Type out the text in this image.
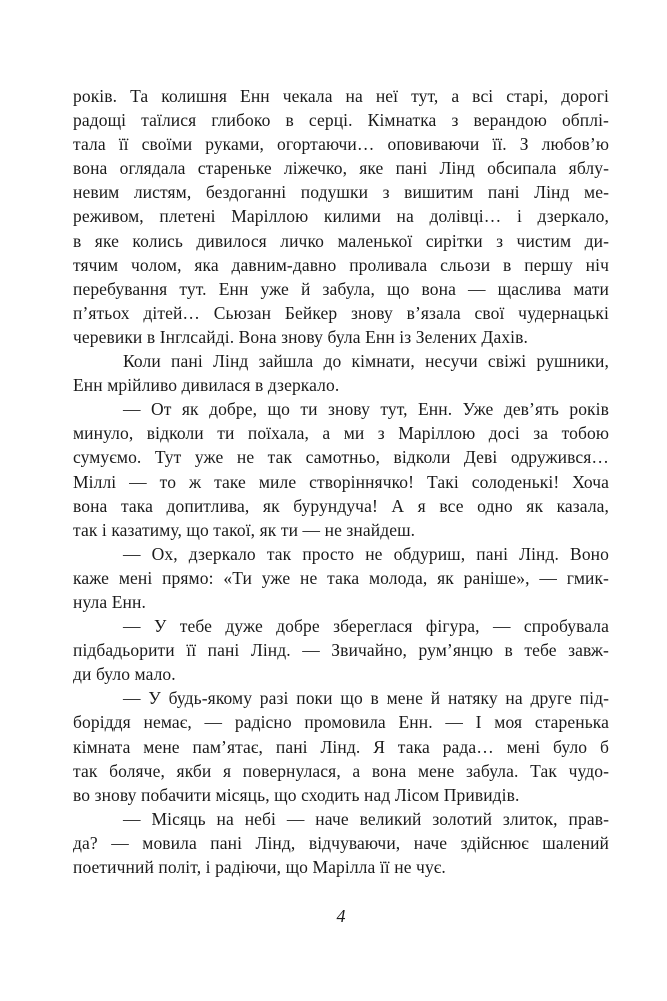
років. Та колишня Енн чекала на неї тут, а всі старі, дорогі
радощі таїлися глибоко в серці. Кімнатка з верандою обплі-
тала її своїми руками, огортаючи… оповиваючи її. З любов’ю
вона оглядала стареньке ліжечко, яке пані Лінд обсипала яблу-
невим листям, бездоганні подушки з вишитим пані Лінд ме-
реживом, плетені Маріллою килими на долівці… і дзеркало,
в яке колись дивилося личко маленької сирітки з чистим ди-
тячим чолом, яка давним-давно проливала сльози в першу ніч
перебування тут. Енн уже й забула, що вона — щаслива мати
п’ятьох дітей… Сьюзан Бейкер знову в’язала свої чудернацькі
черевики в Інглсайді. Вона знову була Енн із Зелених Дахів.
Коли пані Лінд зайшла до кімнати, несучи свіжі рушники,
Енн мрійливо дивилася в дзеркало.
— От як добре, що ти знову тут, Енн. Уже дев’ять років
минуло, відколи ти поїхала, а ми з Маріллою досі за тобою
сумуємо. Тут уже не так самотньо, відколи Деві одружився…
Міллі — то ж таке миле створіннячко! Такі солоденькі! Хоча
вона така допитлива, як бурундуча! А я все одно як казала,
так і казатиму, що такої, як ти — не знайдеш.
— Ох, дзеркало так просто не обдуриш, пані Лінд. Воно
каже мені прямо: «Ти уже не така молода, як раніше», — гмик-
нула Енн.
— У тебе дуже добре збереглася фігура, — спробувала
підбадьорити її пані Лінд. — Звичайно, рум’янцю в тебе завж-
ди було мало.
— У будь-якому разі поки що в мене й натяку на друге під-
боріддя немає, — радісно промовила Енн. — І моя старенька
кімната мене пам’ятає, пані Лінд. Я така рада… мені було б
так боляче, якби я повернулася, а вона мене забула. Так чудо-
во знову побачити місяць, що сходить над Лісом Привидів.
— Місяць на небі — наче великий золотий злиток, прав-
да? — мовила пані Лінд, відчуваючи, наче здійснює шалений
поетичний політ, і радіючи, що Марілла її не чує.
4
